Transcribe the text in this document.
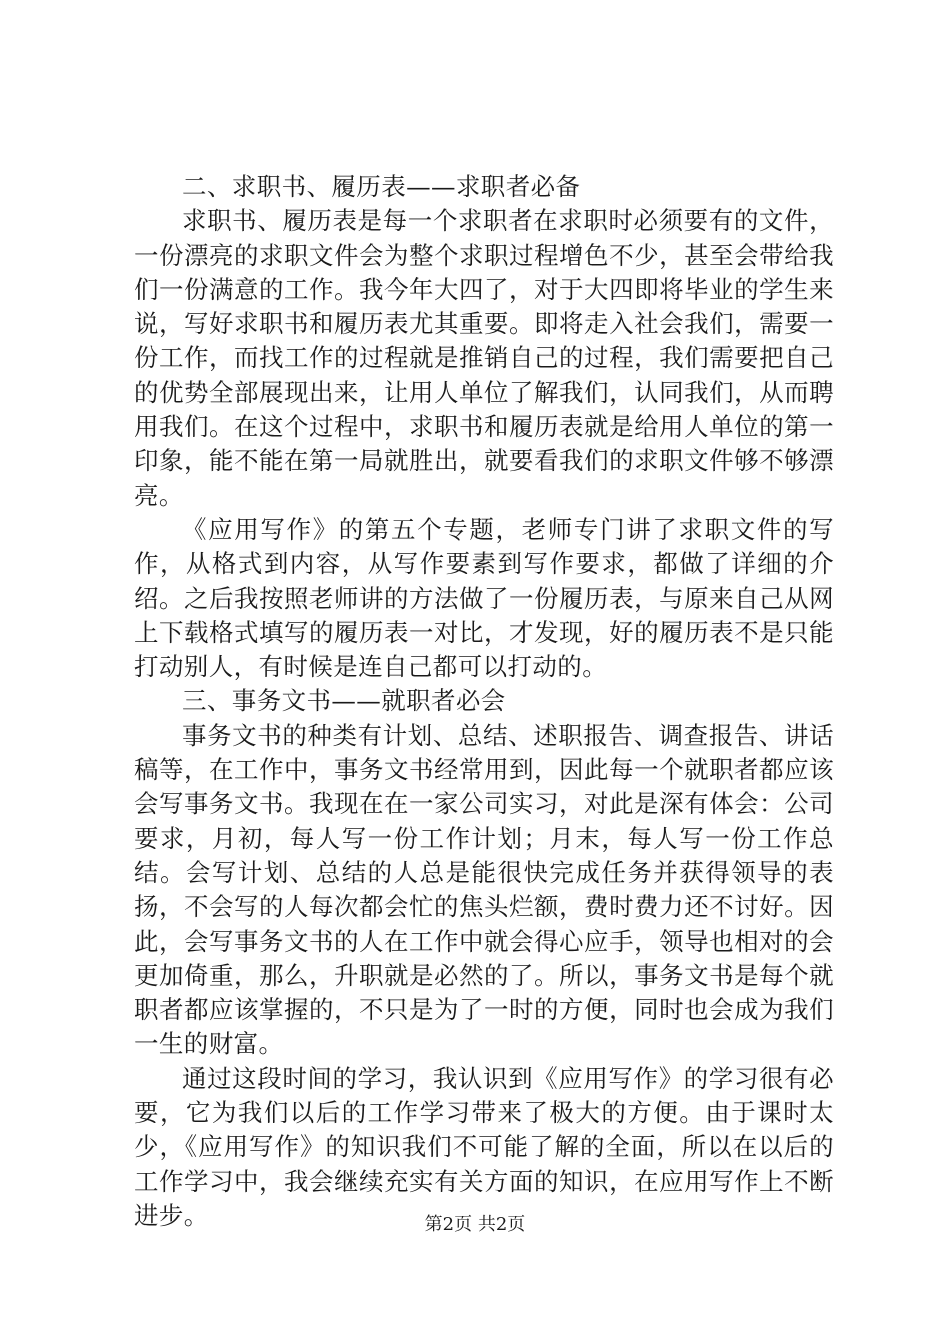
二、求职书、履历表——求职者必备

求职书、履历表是每一个求职者在求职时必须要有的文件，一份漂亮的求职文件会为整个求职过程增色不少，甚至会带给我们一份满意的工作。我今年大四了，对于大四即将毕业的学生来说，写好求职书和履历表尤其重要。即将走入社会我们，需要一份工作，而找工作的过程就是推销自己的过程，我们需要把自己的优势全部展现出来，让用人单位了解我们，认同我们，从而聘用我们。在这个过程中，求职书和履历表就是给用人单位的第一印象，能不能在第一局就胜出，就要看我们的求职文件够不够漂亮。

《应用写作》的第五个专题，老师专门讲了求职文件的写作，从格式到内容，从写作要素到写作要求，都做了详细的介绍。之后我按照老师讲的方法做了一份履历表，与原来自己从网上下载格式填写的履历表一对比，才发现，好的履历表不是只能打动别人，有时候是连自己都可以打动的。

三、事务文书——就职者必会

事务文书的种类有计划、总结、述职报告、调查报告、讲话稿等，在工作中，事务文书经常用到，因此每一个就职者都应该会写事务文书。我现在在一家公司实习，对此是深有体会：公司要求，月初，每人写一份工作计划；月末，每人写一份工作总结。会写计划、总结的人总是能很快完成任务并获得领导的表扬，不会写的人每次都会忙的焦头烂额，费时费力还不讨好。因此，会写事务文书的人在工作中就会得心应手，领导也相对的会更加倚重，那么，升职就是必然的了。所以，事务文书是每个就职者都应该掌握的，不只是为了一时的方便，同时也会成为我们一生的财富。

通过这段时间的学习，我认识到《应用写作》的学习很有必要，它为我们以后的工作学习带来了极大的方便。由于课时太少，《应用写作》的知识我们不可能了解的全面，所以在以后的工作学习中，我会继续充实有关方面的知识，在应用写作上不断进步。	第2页 共2页
